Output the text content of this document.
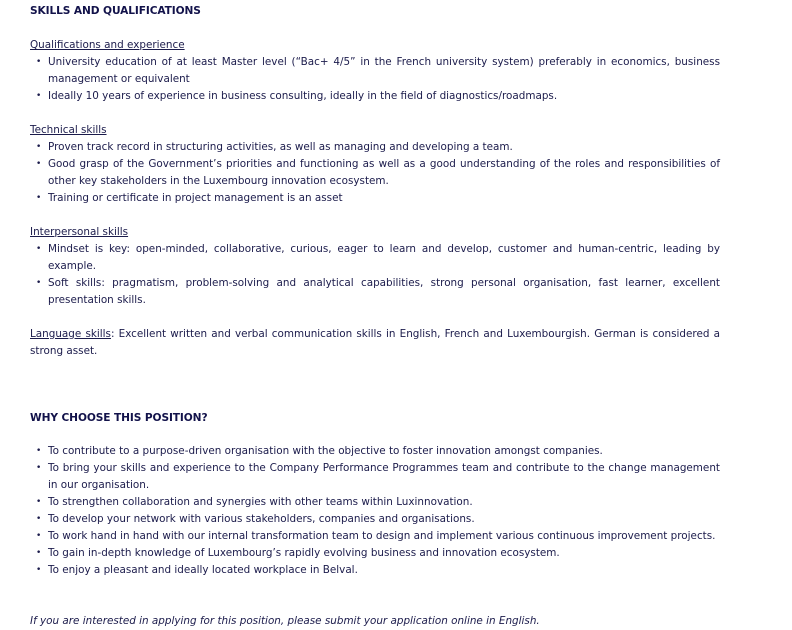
SKILLS AND QUALIFICATIONS
Qualifications and experience
• University education of at least Master level (“Bac+ 4/5” in the French university system) preferably in economics, business management or equivalent
• Ideally 10 years of experience in business consulting, ideally in the field of diagnostics/roadmaps.
Technical skills
• Proven track record in structuring activities, as well as managing and developing a team.
• Good grasp of the Government’s priorities and functioning as well as a good understanding of the roles and responsibilities of other key stakeholders in the Luxembourg innovation ecosystem.
• Training or certificate in project management is an asset
Interpersonal skills
• Mindset is key: open-minded, collaborative, curious, eager to learn and develop, customer and human-centric, leading by example.
• Soft skills: pragmatism, problem-solving and analytical capabilities, strong personal organisation, fast learner, excellent presentation skills.

Language skills: Excellent written and verbal communication skills in English, French and Luxembourgish. German is considered a strong asset.

WHY CHOOSE THIS POSITION?
• To contribute to a purpose-driven organisation with the objective to foster innovation amongst companies.
• To bring your skills and experience to the Company Performance Programmes team and contribute to the change management in our organisation.
• To strengthen collaboration and synergies with other teams within Luxinnovation.
• To develop your network with various stakeholders, companies and organisations.
• To work hand in hand with our internal transformation team to design and implement various continuous improvement projects.
• To gain in-depth knowledge of Luxembourg’s rapidly evolving business and innovation ecosystem.
• To enjoy a pleasant and ideally located workplace in Belval.

If you are interested in applying for this position, please submit your application online in English.
